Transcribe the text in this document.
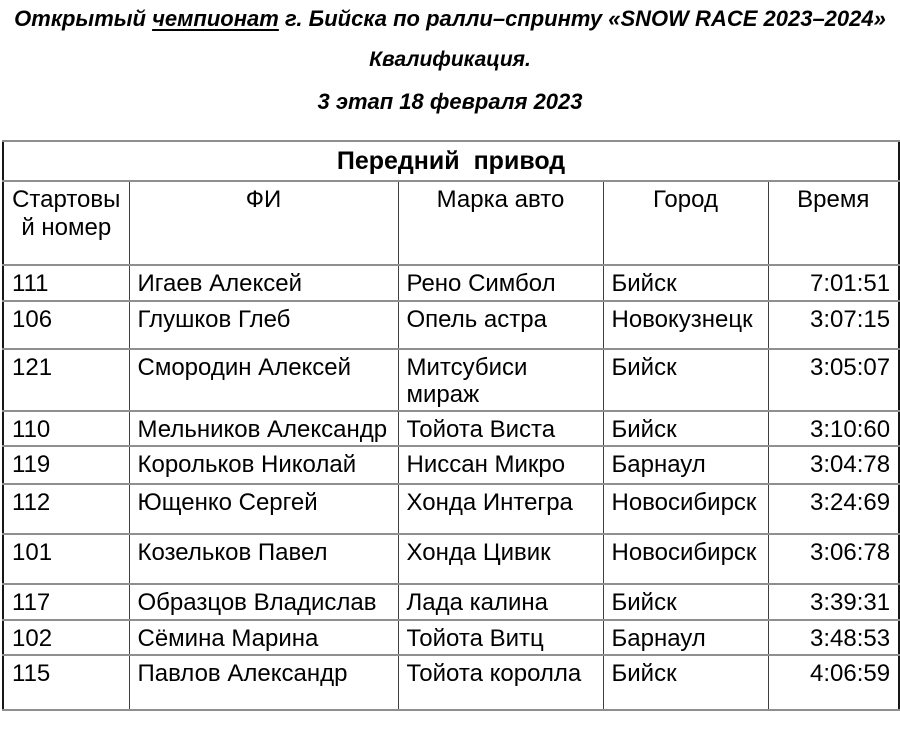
Открытый чемпионат г. Бийска по ралли–спринту «SNOW RACE 2023–2024»
Квалификация.
3 этап 18 февраля 2023
Передний привод				
Стартовый номер	ФИ	Марка авто	Город	Время
111	Игаев Алексей	Рено Симбол	Бийск	7:01:51
106	Глушков Глеб	Опель астра	Новокузнецк	3:07:15
121	Смородин Алексей	Митсубиси мираж	Бийск	3:05:07
110	Мельников Александр	Тойота Виста	Бийск	3:10:60
119	Корольков Николай	Ниссан Микро	Барнаул	3:04:78
112	Ющенко Сергей	Хонда Интегра	Новосибирск	3:24:69
101	Козельков Павел	Хонда Цивик	Новосибирск	3:06:78
117	Образцов Владислав	Лада калина	Бийск	3:39:31
102	Сёмина Марина	Тойота Витц	Барнаул	3:48:53
115	Павлов Александр	Тойота королла	Бийск	4:06:59
